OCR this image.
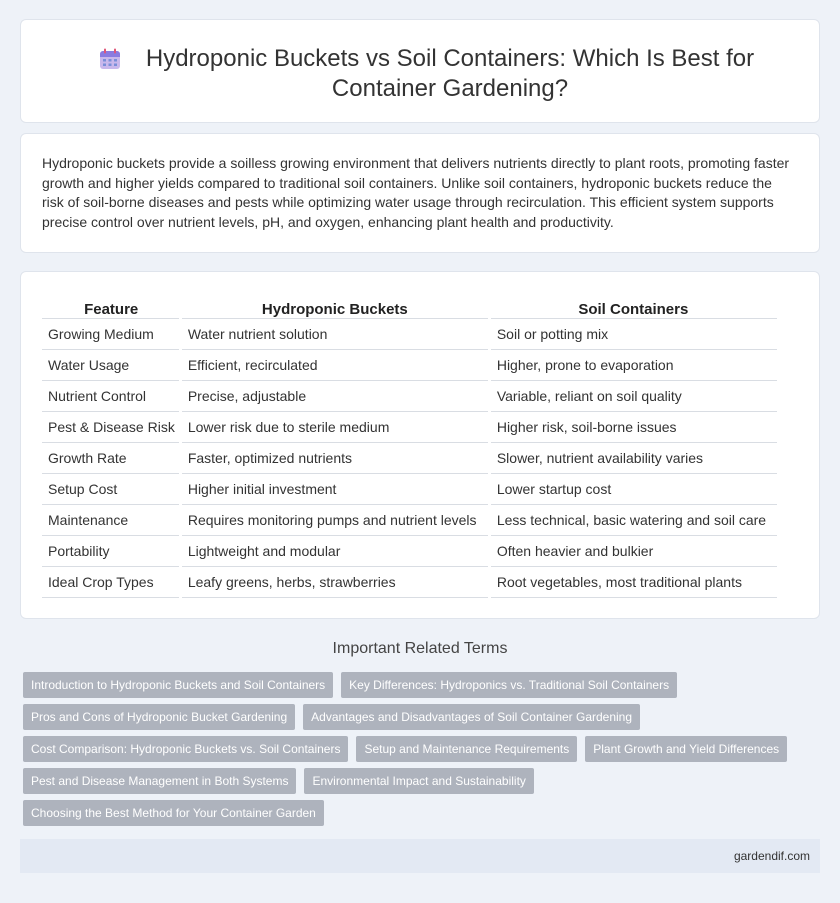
Hydroponic Buckets vs Soil Containers: Which Is Best for Container Gardening?

Hydroponic buckets provide a soilless growing environment that delivers nutrients directly to plant roots, promoting faster growth and higher yields compared to traditional soil containers. Unlike soil containers, hydroponic buckets reduce the risk of soil-borne diseases and pests while optimizing water usage through recirculation. This efficient system supports precise control over nutrient levels, pH, and oxygen, enhancing plant health and productivity.

Feature	Hydroponic Buckets	Soil Containers
Growing Medium	Water nutrient solution	Soil or potting mix
Water Usage	Efficient, recirculated	Higher, prone to evaporation
Nutrient Control	Precise, adjustable	Variable, reliant on soil quality
Pest & Disease Risk	Lower risk due to sterile medium	Higher risk, soil-borne issues
Growth Rate	Faster, optimized nutrients	Slower, nutrient availability varies
Setup Cost	Higher initial investment	Lower startup cost
Maintenance	Requires monitoring pumps and nutrient levels	Less technical, basic watering and soil care
Portability	Lightweight and modular	Often heavier and bulkier
Ideal Crop Types	Leafy greens, herbs, strawberries	Root vegetables, most traditional plants
Important Related Terms
Introduction to Hydroponic Buckets and Soil Containers	Key Differences: Hydroponics vs. Traditional Soil Containers
Pros and Cons of Hydroponic Bucket Gardening	Advantages and Disadvantages of Soil Container Gardening
Cost Comparison: Hydroponic Buckets vs. Soil Containers	Setup and Maintenance Requirements	Plant Growth and Yield Differences
Pest and Disease Management in Both Systems	Environmental Impact and Sustainability
Choosing the Best Method for Your Container Garden
gardendif.com
